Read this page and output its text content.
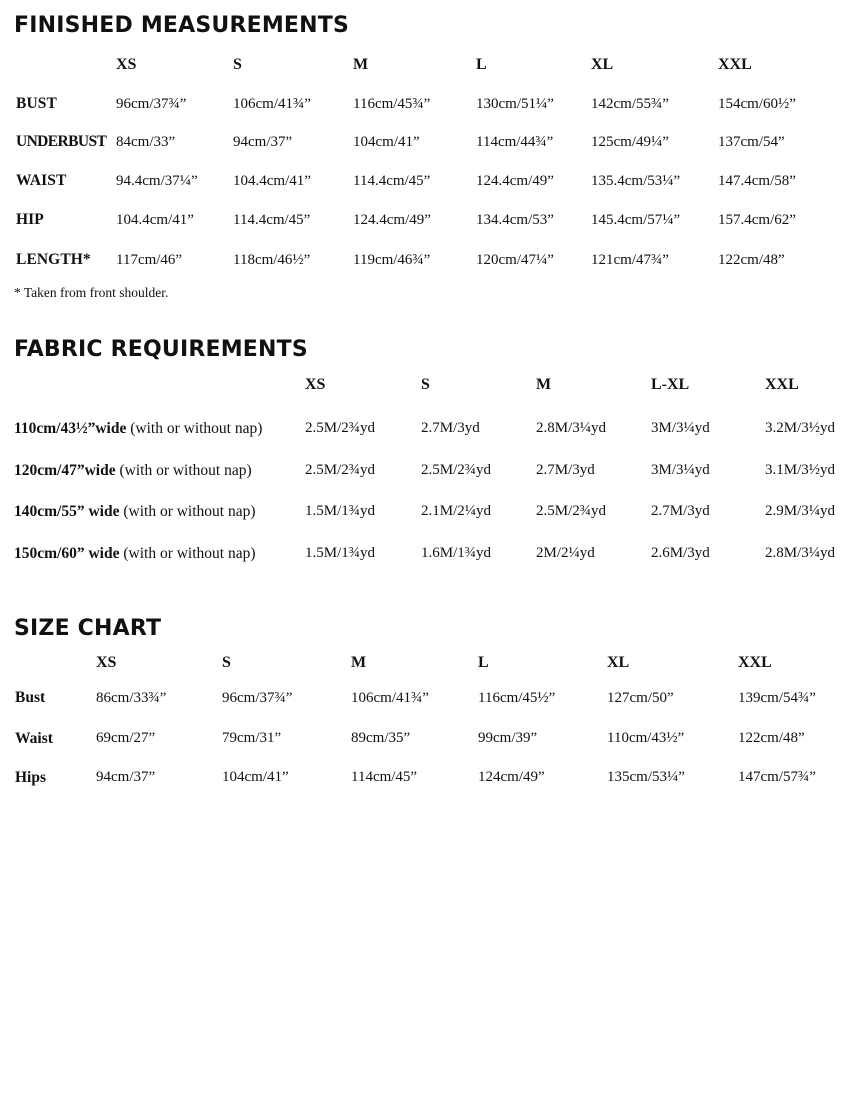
FINISHED MEASUREMENTS
XS	S	M	L	XL	XXL
BUST	96cm/37¾”	106cm/41¾”	116cm/45¾”	130cm/51¼” 142cm/55¾”	154cm/60½”
UNDERBUST 84cm/33”	94cm/37”	104cm/41”	114cm/44¾”	125cm/49¼”	137cm/54”
WAIST	94.4cm/37¼” 104.4cm/41”	114.4cm/45”	124.4cm/49” 135.4cm/53¼”	147.4cm/58”
HIP	104.4cm/41”	114.4cm/45”	124.4cm/49”	134.4cm/53” 145.4cm/57¼”	157.4cm/62”
LENGTH* 117cm/46”	118cm/46½”	119cm/46¾”	120cm/47¼” 121cm/47¾”	122cm/48”
* Taken from front shoulder.
FABRIC REQUIREMENTS
XS	S	M	L-XL	XXL
110cm/43½”wide (with or without nap)	2.5M/2¾yd	2.7M/3yd	2.8M/3¼yd	3M/3¼yd	3.2M/3½yd
120cm/47”wide (with or without nap)	2.5M/2¾yd	2.5M/2¾yd	2.7M/3yd	3M/3¼yd	3.1M/3½yd
140cm/55” wide (with or without nap)	1.5M/1¾yd	2.1M/2¼yd	2.5M/2¾yd	2.7M/3yd	2.9M/3¼yd
150cm/60” wide (with or without nap)	1.5M/1¾yd	1.6M/1¾yd	2M/2¼yd	2.6M/3yd	2.8M/3¼yd
SIZE CHART
XS	S	M	L	XL	XXL
Bust	86cm/33¾”	96cm/37¾”	106cm/41¾”	116cm/45½”	127cm/50”	139cm/54¾”
Waist	69cm/27”	79cm/31”	89cm/35”	99cm/39”	110cm/43½”	122cm/48”
Hips	94cm/37”	104cm/41”	114cm/45”	124cm/49”	135cm/53¼”	147cm/57¾”
